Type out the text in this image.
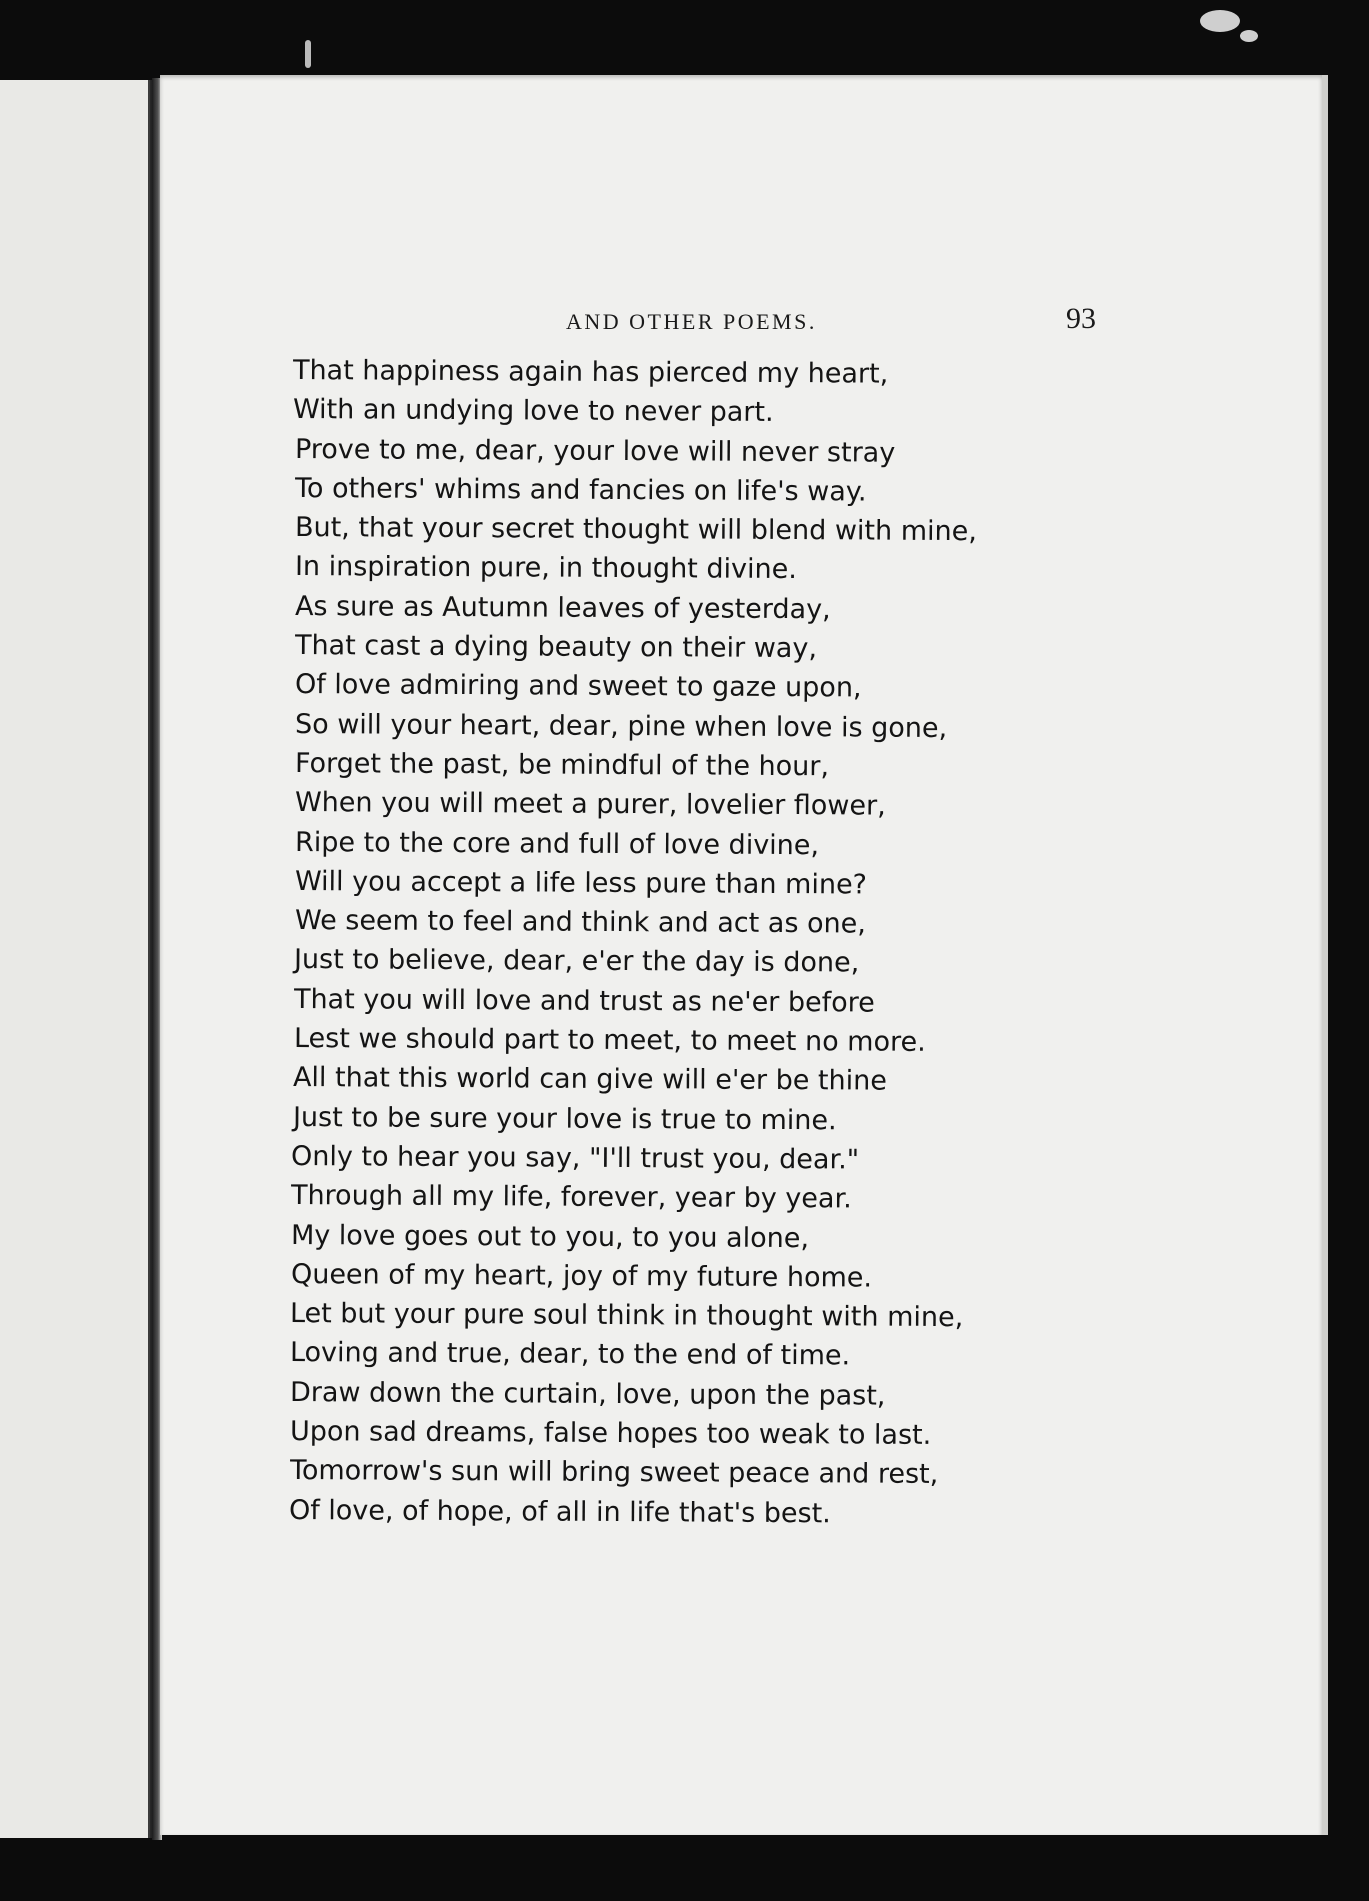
AND OTHER POEMS.	93
That happiness again has pierced my heart,
With an undying love to never part.
Prove to me, dear, your love will never stray
To others' whims and fancies on life's way.
But, that your secret thought will blend with mine,
In inspiration pure, in thought divine.
As sure as Autumn leaves of yesterday,
That cast a dying beauty on their way,
Of love admiring and sweet to gaze upon,
So will your heart, dear, pine when love is gone,
Forget the past, be mindful of the hour,
When you will meet a purer, lovelier flower,
Ripe to the core and full of love divine,
Will you accept a life less pure than mine?
We seem to feel and think and act as one,
Just to believe, dear, e'er the day is done,
That you will love and trust as ne'er before
Lest we should part to meet, to meet no more.
All that this world can give will e'er be thine
Just to be sure your love is true to mine.
Only to hear you say, "I'll trust you, dear."
Through all my life, forever, year by year.
My love goes out to you, to you alone,
Queen of my heart, joy of my future home.
Let but your pure soul think in thought with mine,
Loving and true, dear, to the end of time.
Draw down the curtain, love, upon the past,
Upon sad dreams, false hopes too weak to last.
Tomorrow's sun will bring sweet peace and rest,
Of love, of hope, of all in life that's best.
